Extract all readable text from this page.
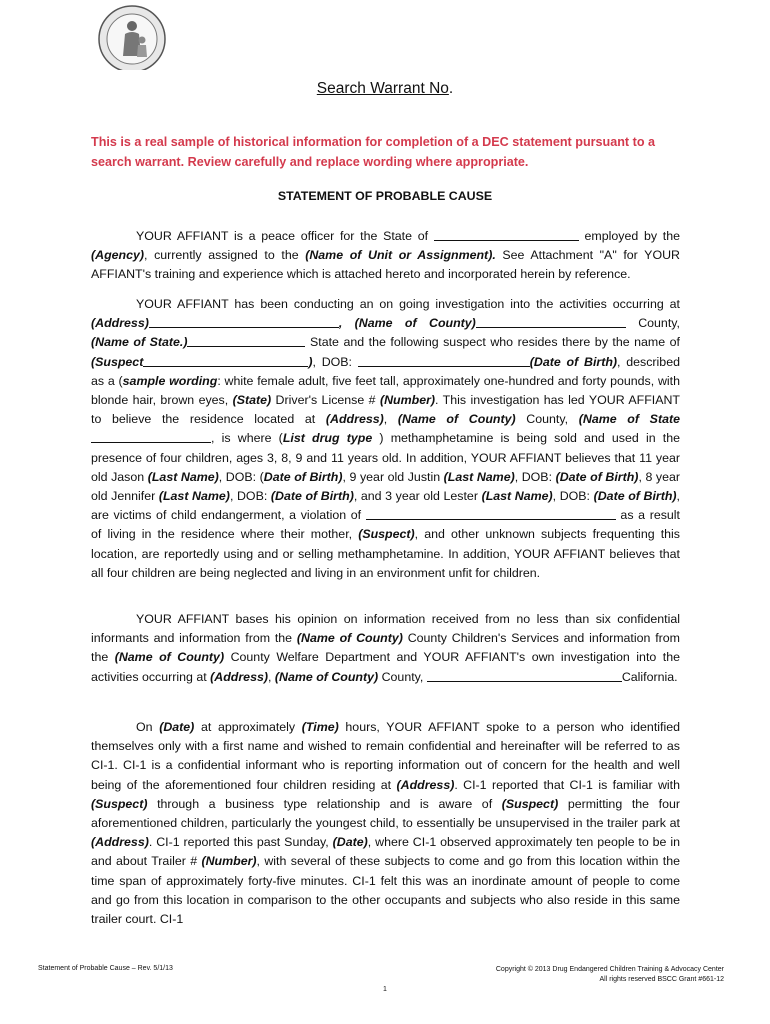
Search Warrant No.
This is a real sample of historical information for completion of a DEC statement pursuant to a search warrant. Review carefully and replace wording where appropriate.
STATEMENT OF PROBABLE CAUSE

YOUR AFFIANT is a peace officer for the State of	employed by the (Agency), currently assigned to the (Name of Unit or Assignment). See Attachment "A" for YOUR AFFIANT's training and experience which is attached hereto and incorporated herein by reference.

YOUR AFFIANT has been conducting an on going investigation into the activities occurring at (Address)	, (Name of County)	County, (Name of State.)	State and the following suspect who resides there by the name of (Suspect	), DOB:	(Date of Birth), described as a (sample wording: white female adult, five feet tall, approximately one-hundred and forty pounds, with blonde hair, brown eyes, (State) Driver's License # (Number). This investigation has led YOUR AFFIANT to believe the residence located at (Address), (Name of County) County, (Name of State, is where (List drug type ) methamphetamine is being sold and used in the presence of four children, ages 3, 8, 9 and 11 years old. In addition, YOUR AFFIANT believes that 11 year old Jason (Last Name), DOB: (Date of Birth), 9 year old Justin (Last Name), DOB: (Date of Birth), 8 year old Jennifer (Last Name), DOB: (Date of Birth), and 3 year old Lester (Last Name), DOB: (Date of Birth), are victims of child endangerment, a violation of	as a result of living in the residence where their mother, (Suspect), and other unknown subjects frequenting this location, are reportedly using and or selling methamphetamine. In addition, YOUR AFFIANT believes that all four children are being neglected and living in an environment unfit for children.

YOUR AFFIANT bases his opinion on information received from no less than six confidential informants and information from the (Name of County) County Children's Services and information from the (Name of County) County Welfare Department and YOUR AFFIANT's own investigation into the activities occurring at (Address), (Name of County) County,	California.

On (Date) at approximately (Time) hours, YOUR AFFIANT spoke to a person who identified themselves only with a first name and wished to remain confidential and hereinafter will be referred to as CI-1. CI-1 is a confidential informant who is reporting information out of concern for the health and well being of the aforementioned four children residing at (Address). CI-1 reported that CI-1 is familiar with (Suspect) through a business type relationship and is aware of (Suspect) permitting the four aforementioned children, particularly the youngest child, to essentially be unsupervised in the trailer park at (Address). CI-1 reported this past Sunday, (Date), where CI-1 observed approximately ten people to be in and about Trailer # (Number), with several of these subjects to come and go from this location within the time span of approximately forty-five minutes. CI-1 felt this was an inordinate amount of people to come and go from this location in comparison to the other occupants and subjects who also reside in this same trailer court. CI-1

Statement of Probable Cause – Rev. 5/1/13	Copyright © 2013 Drug Endangered Children Training & Advocacy Center
All rights reserved BSCC Grant #661-12
1
